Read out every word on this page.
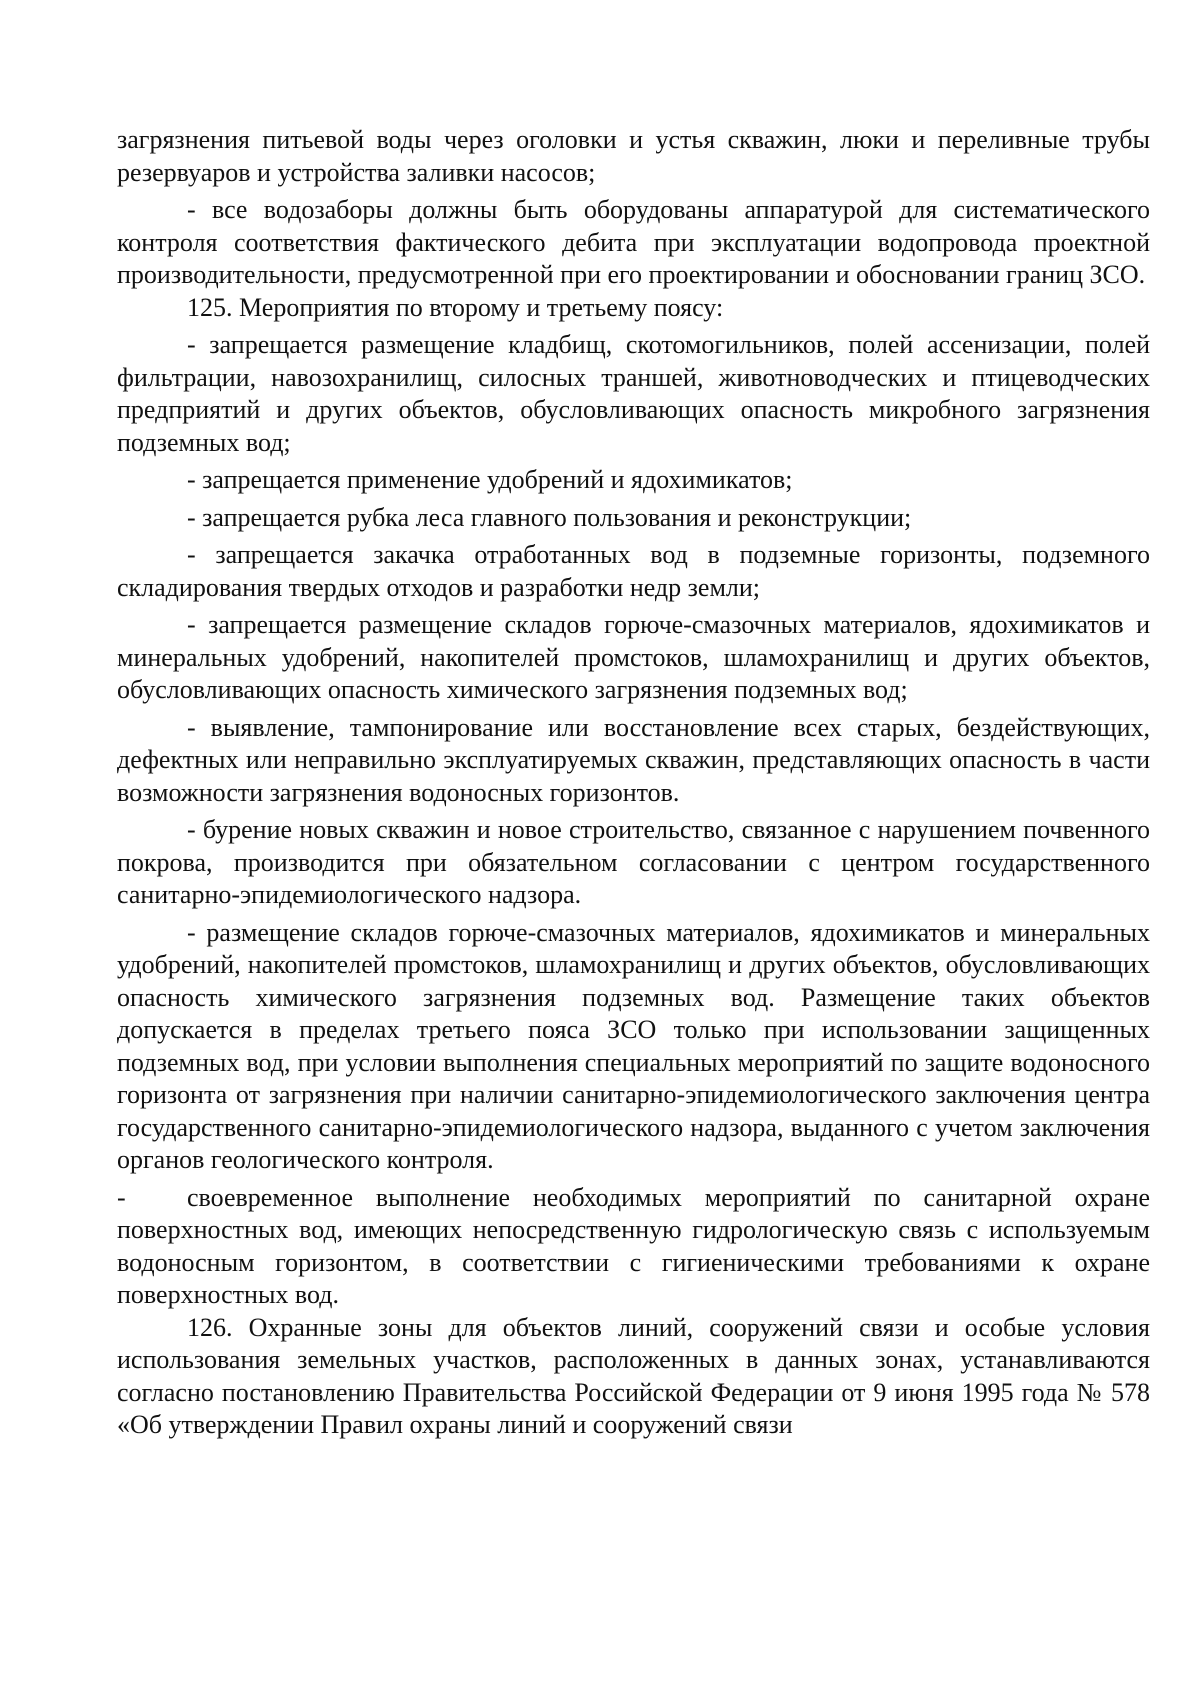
загрязнения питьевой воды через оголовки и устья скважин, люки и переливные трубы резервуаров и устройства заливки насосов;

- все водозаборы должны быть оборудованы аппаратурой для систематического контроля соответствия фактического дебита при эксплуатации водопровода проектной производительности, предусмотренной при его проектировании и обосновании границ ЗСО.

125. Мероприятия по второму и третьему поясу:

- запрещается размещение кладбищ, скотомогильников, полей ассенизации, полей фильтрации, навозохранилищ, силосных траншей, животноводческих и птицеводческих предприятий и других объектов, обусловливающих опасность микробного загрязнения подземных вод;

- запрещается применение удобрений и ядохимикатов;

- запрещается рубка леса главного пользования и реконструкции;

- запрещается закачка отработанных вод в подземные горизонты, подземного складирования твердых отходов и разработки недр земли;

- запрещается размещение складов горюче-смазочных материалов, ядохимикатов и минеральных удобрений, накопителей промстоков, шламохранилищ и других объектов, обусловливающих опасность химического загрязнения подземных вод;

- выявление, тампонирование или восстановление всех старых, бездействующих, дефектных или неправильно эксплуатируемых скважин, представляющих опасность в части возможности загрязнения водоносных горизонтов.

- бурение новых скважин и новое строительство, связанное с нарушением почвенного покрова, производится при обязательном согласовании с центром государственного санитарно-эпидемиологического надзора.

- размещение складов горюче-смазочных материалов, ядохимикатов и минеральных удобрений, накопителей промстоков, шламохранилищ и других объектов, обусловливающих опасность химического загрязнения подземных вод. Размещение таких объектов допускается в пределах третьего пояса ЗСО только при использовании защищенных подземных вод, при условии выполнения специальных мероприятий по защите водоносного горизонта от загрязнения при наличии санитарно-эпидемиологического заключения центра государственного санитарно-эпидемиологического надзора, выданного с учетом заключения органов геологического контроля.

- своевременное выполнение необходимых мероприятий по санитарной охране поверхностных вод, имеющих непосредственную гидрологическую связь с используемым водоносным горизонтом, в соответствии с гигиеническими требованиями к охране поверхностных вод.

126. Охранные зоны для объектов линий, сооружений связи и особые условия использования земельных участков, расположенных в данных зонах, устанавливаются согласно постановлению Правительства Российской Федерации от 9 июня 1995 года № 578 «Об утверждении Правил охраны линий и сооружений связи
